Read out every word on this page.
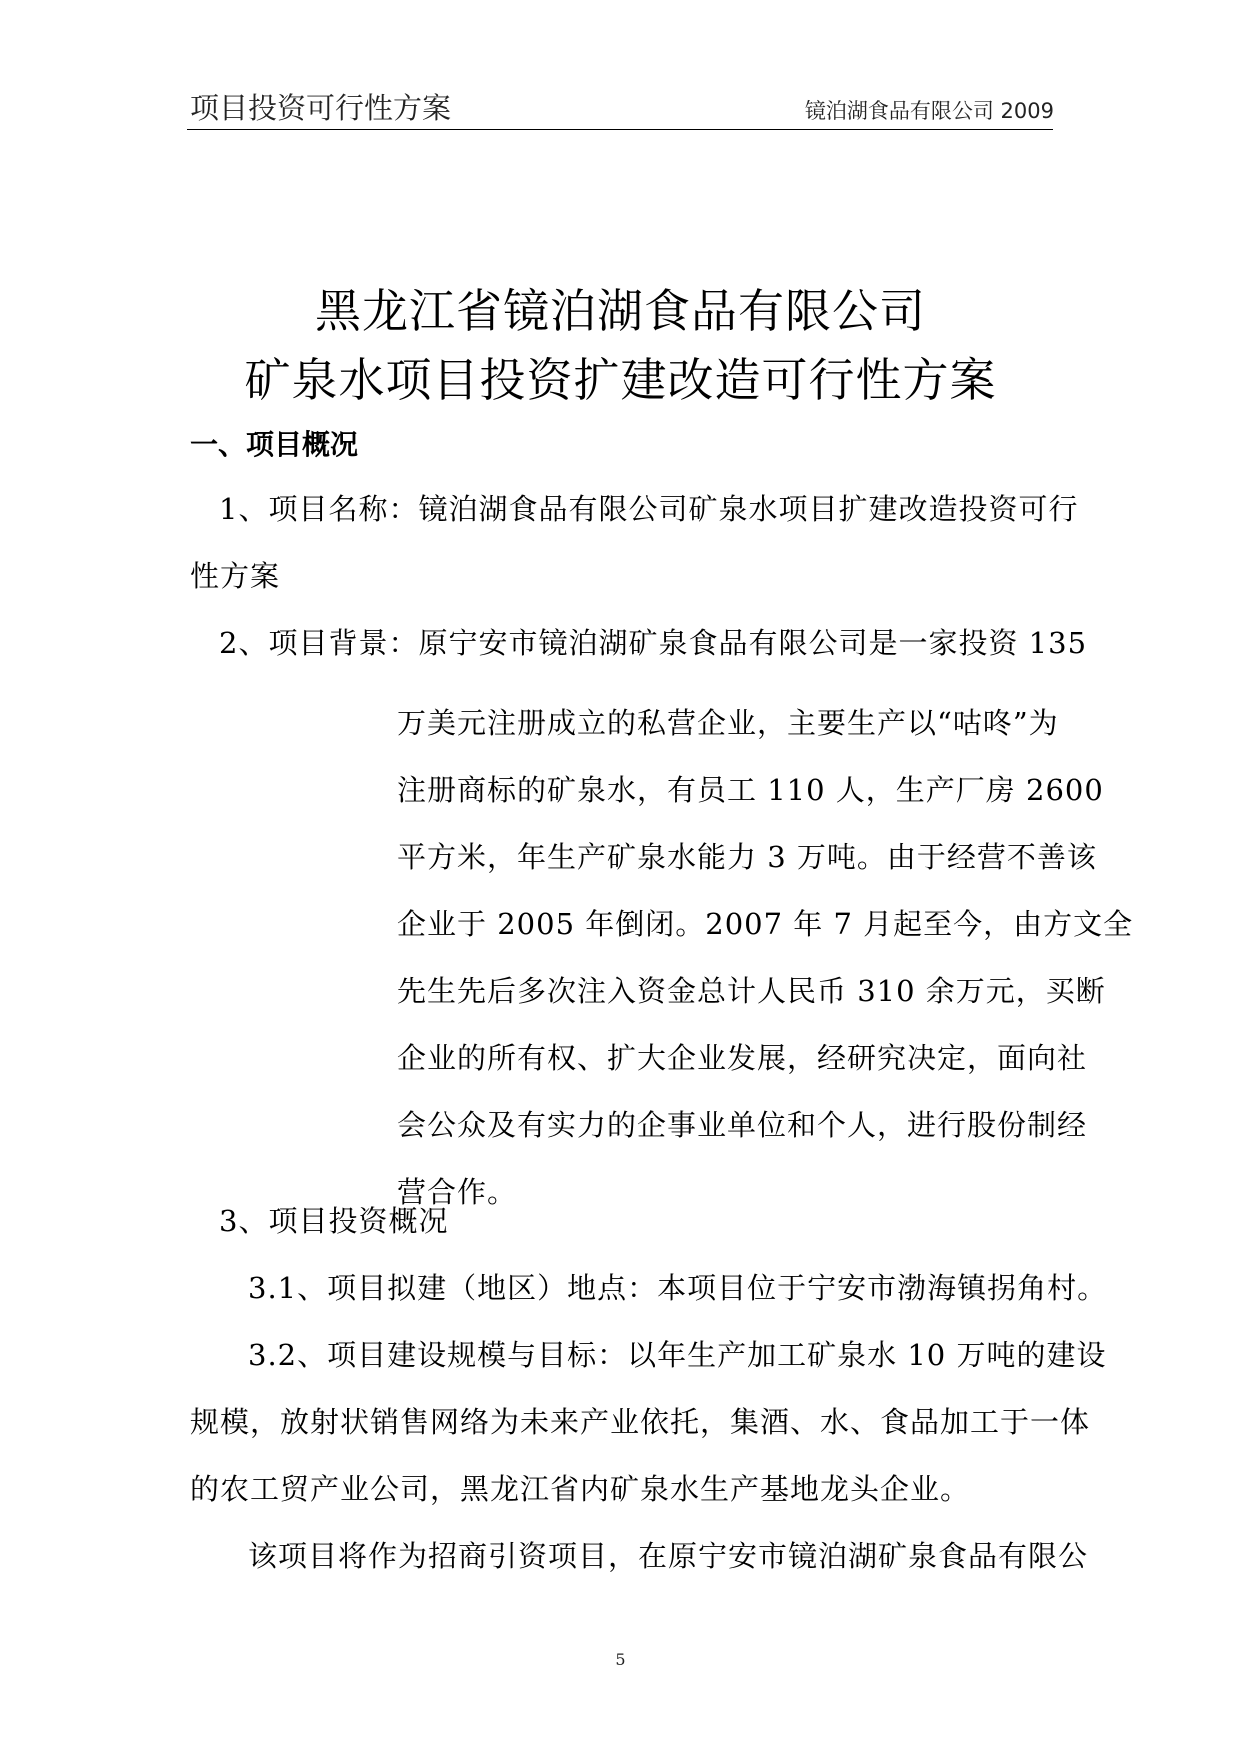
项目投资可行性方案	镜泊湖食品有限公司 2009
黑龙江省镜泊湖食品有限公司
矿泉水项目投资扩建改造可行性方案
一、项目概况
1、项目名称：镜泊湖食品有限公司矿泉水项目扩建改造投资可行
性方案
2、项目背景：原宁安市镜泊湖矿泉食品有限公司是一家投资 135
万美元注册成立的私营企业，主要生产以“咕咚”为
注册商标的矿泉水，有员工 110 人，生产厂房 2600
平方米，年生产矿泉水能力 3 万吨。由于经营不善该
企业于 2005 年倒闭。2007 年 7 月起至今，由方文全
先生先后多次注入资金总计人民币 310 余万元，买断
企业的所有权、扩大企业发展，经研究决定，面向社
会公众及有实力的企事业单位和个人，进行股份制经
营合作。
3、项目投资概况
3.1、项目拟建（地区）地点：本项目位于宁安市渤海镇拐角村。
3.2、项目建设规模与目标：以年生产加工矿泉水 10 万吨的建设
规模，放射状销售网络为未来产业依托，集酒、水、食品加工于一体
的农工贸产业公司，黑龙江省内矿泉水生产基地龙头企业。
该项目将作为招商引资项目，在原宁安市镜泊湖矿泉食品有限公
5
